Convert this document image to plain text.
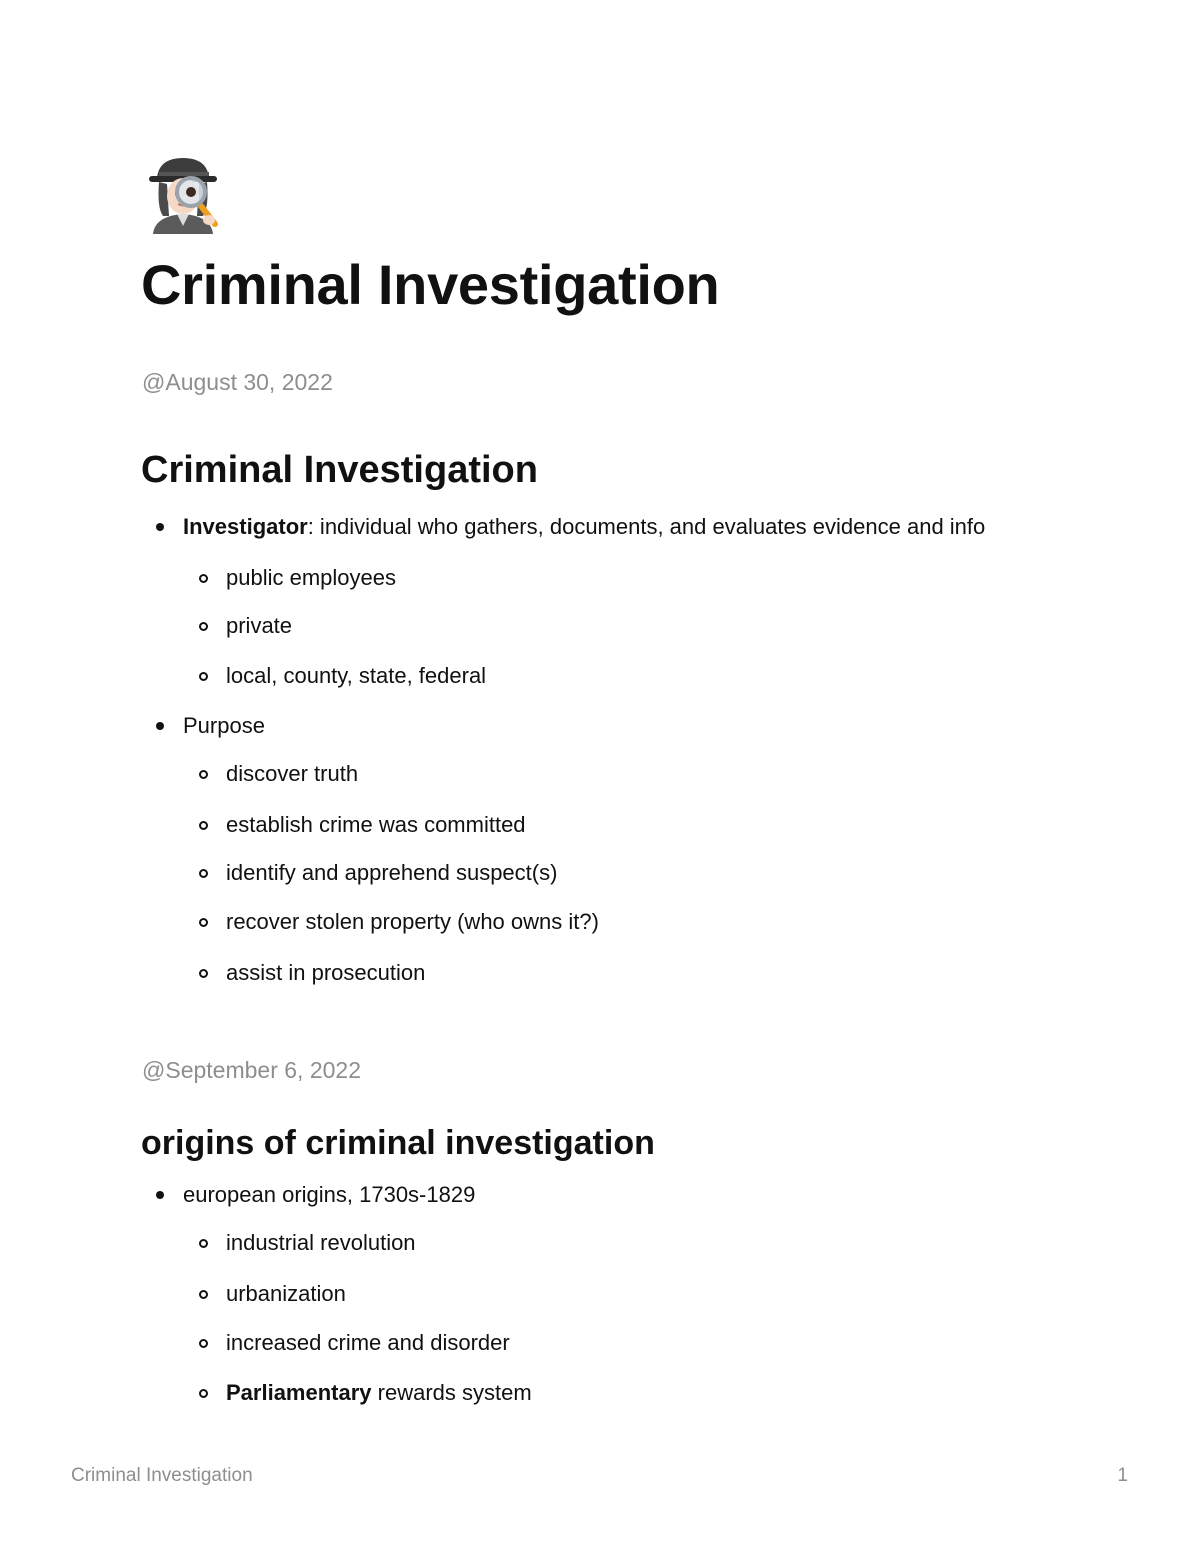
Criminal Investigation

@August 30, 2022

Criminal Investigation
Investigator: individual who gathers, documents, and evaluates evidence and info
public employees
private
local, county, state, federal
Purpose
discover truth
establish crime was committed
identify and apprehend suspect(s)
recover stolen property (who owns it?)
assist in prosecution

@September 6, 2022

origins of criminal investigation
european origins, 1730s-1829
industrial revolution
urbanization
increased crime and disorder
Parliamentary rewards system
Criminal Investigation	1
